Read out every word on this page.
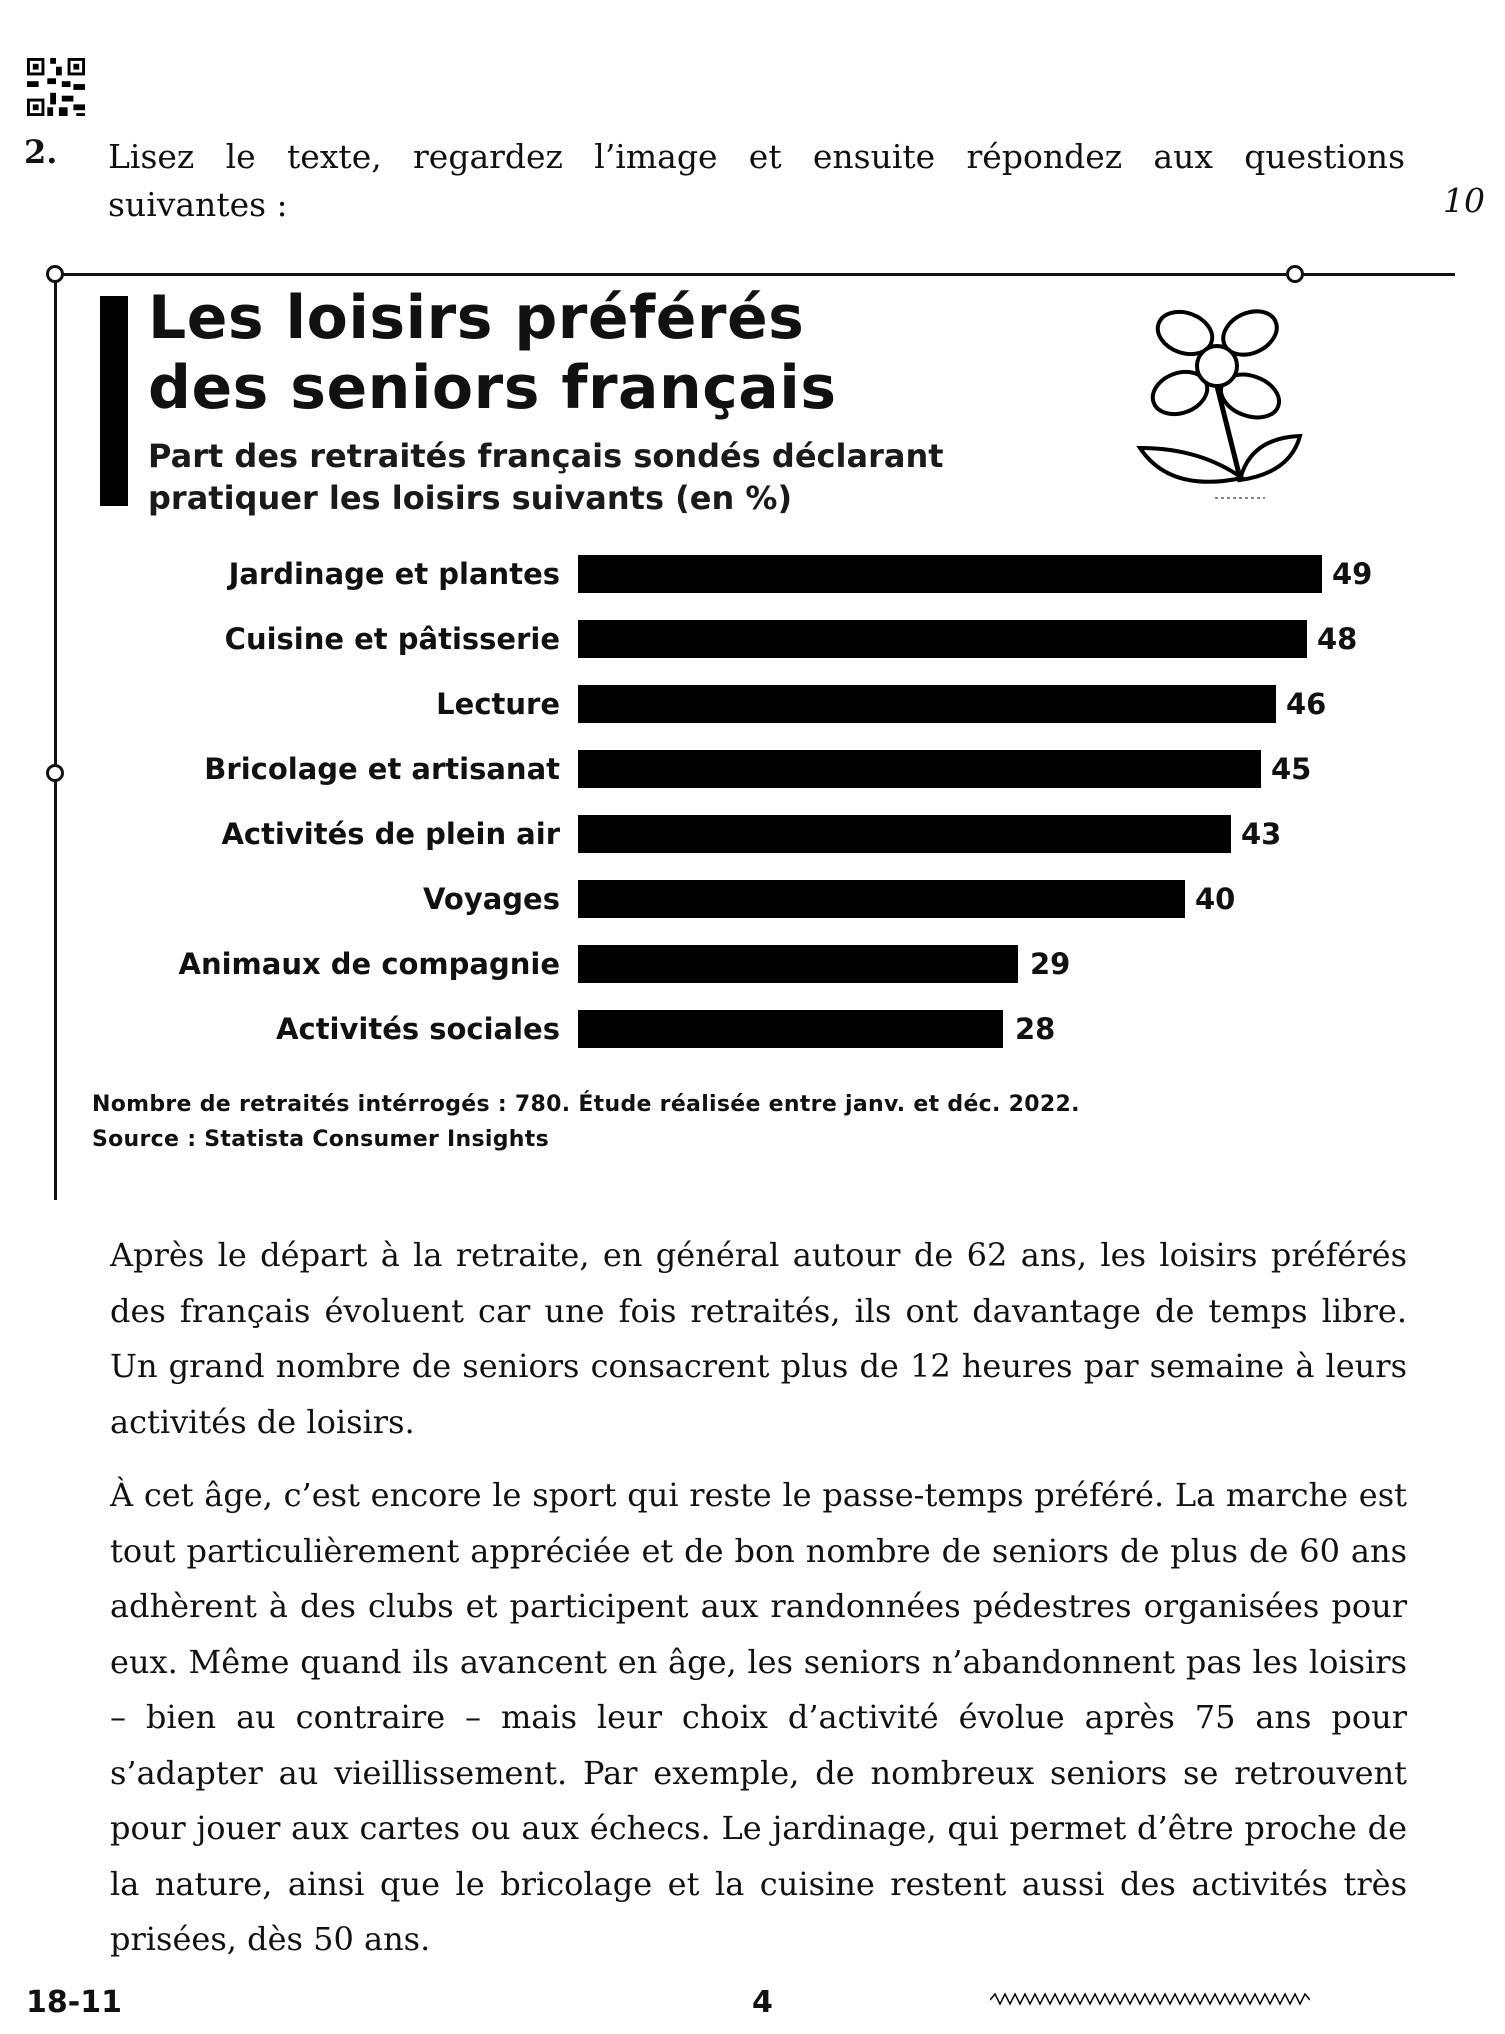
2. Lisez le texte, regardez l’image et ensuite répondez aux questions
suivantes :	10
Les loisirs préférés
des seniors français
Part des retraités français sondés déclarant
pratiquer les loisirs suivants (en %)
Jardinage et plantes	49
Cuisine et pâtisserie	48
Lecture	46
Bricolage et artisanat	45
Activités de plein air	43
Voyages	40
Animaux de compagnie	29
Activités sociales	28
Nombre de retraités intérrogés : 780. Étude réalisée entre janv. et déc. 2022.
Source : Statista Consumer Insights

Après le départ à la retraite, en général autour de 62 ans, les loisirs préférés des français évoluent car une fois retraités, ils ont davantage de temps libre. Un grand nombre de seniors consacrent plus de 12 heures par semaine à leurs activités de loisirs.

À cet âge, c’est encore le sport qui reste le passe-temps préféré. La marche est tout particulièrement appréciée et de bon nombre de seniors de plus de 60 ans adhèrent à des clubs et participent aux randonnées pédestres organisées pour eux. Même quand ils avancent en âge, les seniors n’abandonnent pas les loisirs – bien au contraire – mais leur choix d’activité évolue après 75 ans pour s’adapter au vieillissement. Par exemple, de nombreux seniors se retrouvent pour jouer aux cartes ou aux échecs. Le jardinage, qui permet d’être proche de la nature, ainsi que le bricolage et la cuisine restent aussi des activités très prisées, dès 50 ans.

18-11	4
